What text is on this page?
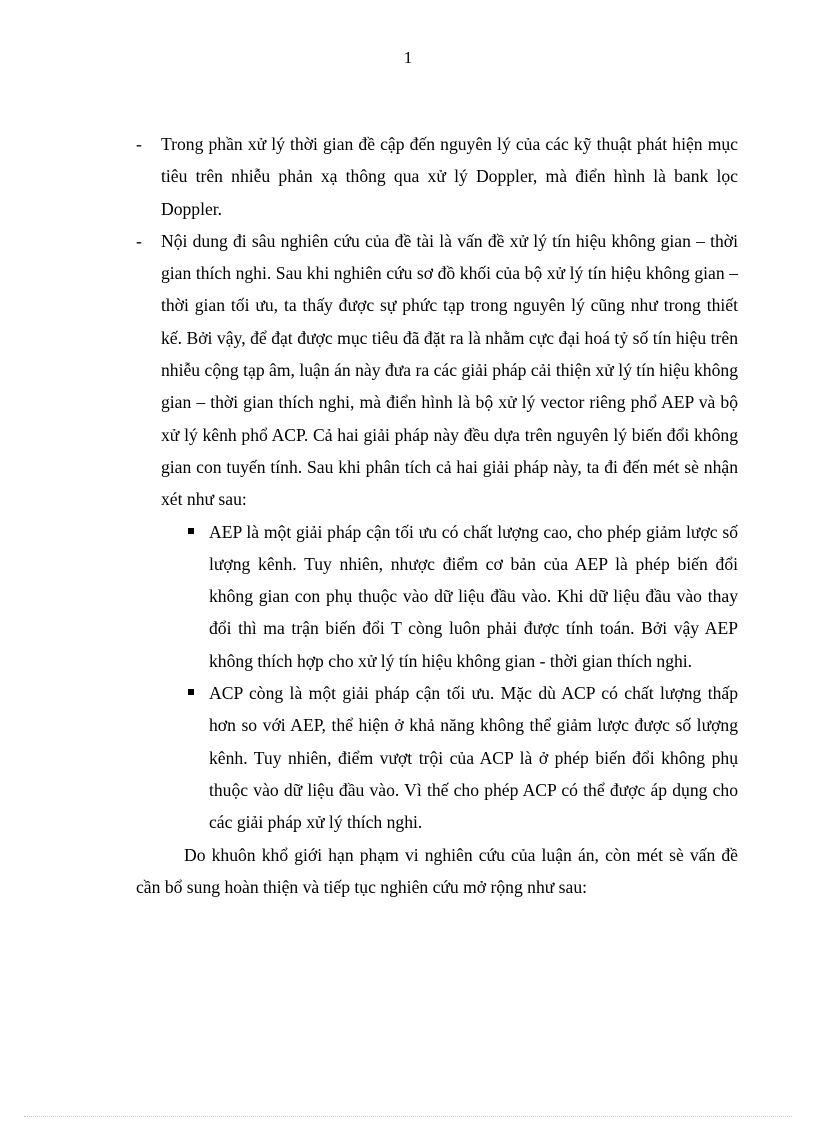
1
- Trong phần xử lý thời gian đề cập đến nguyên lý của các kỹ thuật phát hiện mục tiêu trên nhiễu phản xạ thông qua xử lý Doppler, mà điển hình là bank lọc Doppler.
- Nội dung đi sâu nghiên cứu của đề tài là vấn đề xử lý tín hiệu không gian – thời gian thích nghi. Sau khi nghiên cứu sơ đồ khối của bộ xử lý tín hiệu không gian – thời gian tối ưu, ta thấy được sự phức tạp trong nguyên lý cũng như trong thiết kế. Bởi vậy, để đạt được mục tiêu đã đặt ra là nhằm cực đại hoá tỷ số tín hiệu trên nhiễu cộng tạp âm, luận án này đưa ra các giải pháp cải thiện xử lý tín hiệu không gian – thời gian thích nghi, mà điển hình là bộ xử lý vector riêng phổ AEP và bộ xử lý kênh phổ ACP. Cả hai giải pháp này đều dựa trên nguyên lý biến đổi không gian con tuyến tính. Sau khi phân tích cả hai giải pháp này, ta đi đến mét sè nhận xét như sau:
AEP là một giải pháp cận tối ưu có chất lượng cao, cho phép giảm lược số lượng kênh. Tuy nhiên, nhược điểm cơ bản của AEP là phép biến đổi không gian con phụ thuộc vào dữ liệu đầu vào. Khi dữ liệu đầu vào thay đổi thì ma trận biến đổi T còng luôn phải được tính toán. Bởi vậy AEP không thích hợp cho xử lý tín hiệu không gian - thời gian thích nghi.
ACP còng là một giải pháp cận tối ưu. Mặc dù ACP có chất lượng thấp hơn so với AEP, thể hiện ở khả năng không thể giảm lược được số lượng kênh. Tuy nhiên, điểm vượt trội của ACP là ở phép biến đổi không phụ thuộc vào dữ liệu đầu vào. Vì thế cho phép ACP có thể được áp dụng cho các giải pháp xử lý thích nghi.

Do khuôn khổ giới hạn phạm vi nghiên cứu của luận án, còn mét sè vấn đề cần bổ sung hoàn thiện và tiếp tục nghiên cứu mở rộng như sau:
